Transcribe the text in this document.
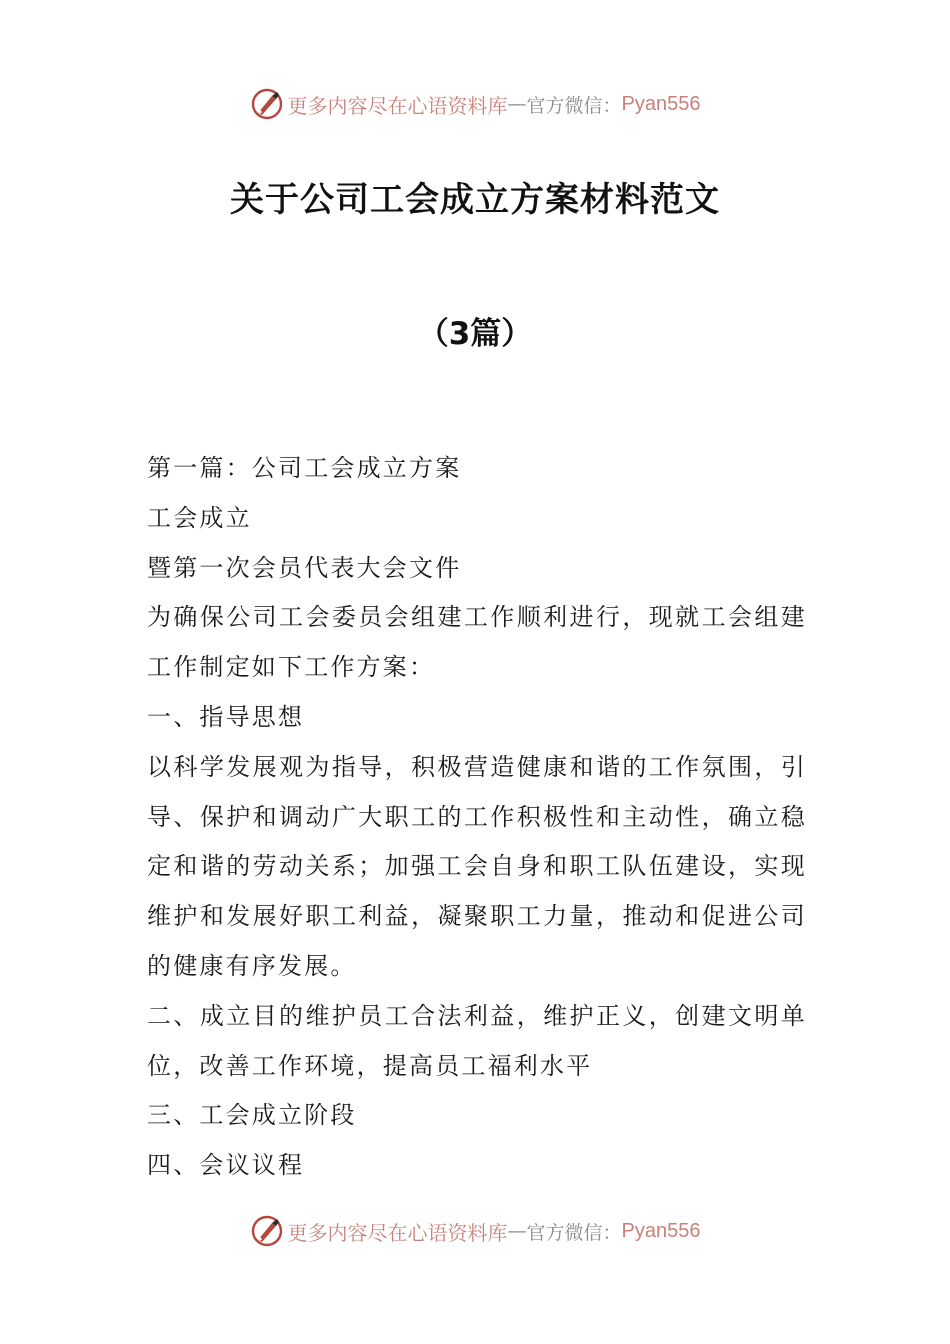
更多内容尽在心语资料库 — 官方微信： Pyan556
关于公司工会成立方案材料范文
（3篇）

第一篇：公司工会成立方案

工会成立

暨第一次会员代表大会文件

为确保公司工会委员会组建工作顺利进行，现就工会组建工作制定如下工作方案：

一、指导思想

以科学发展观为指导，积极营造健康和谐的工作氛围，引导、保护和调动广大职工的工作积极性和主动性，确立稳定和谐的劳动关系；加强工会自身和职工队伍建设，实现维护和发展好职工利益，凝聚职工力量，推动和促进公司的健康有序发展。

二、成立目的维护员工合法利益，维护正义，创建文明单位，改善工作环境，提高员工福利水平

三、工会成立阶段

四、会议议程

更多内容尽在心语资料库 — 官方微信： Pyan556
